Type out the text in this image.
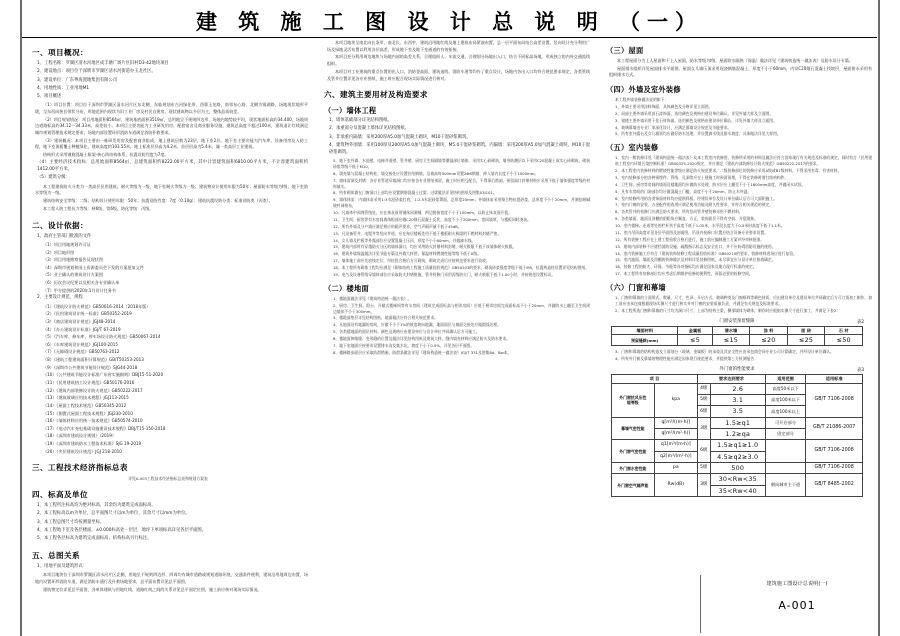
建 筑 施 工 图 设 计 总 说 明 （一）
一、项目概况：

1、工程名称：罗湖区清水河地区成丰塘广场片区旧村D3-42地块项目

2、建设地点：项目位于深圳市罗湖区清水河街道办玉龙社区。

3、建设单位：广东粤海置地集团有限公司

4、用地性质：工业用地M1

5、项目概述：

（1）项目位置：项目位于深圳市罗湖区清水河片区东北侧，东临规划布吉河绿化带，西靠玉龙路，南邻布心路，北侧为银湖路，场地现状地形平缓，呈东西向狭长带状分布，用地范围内现状为旧工业厂房及村民自建房，现状建筑物以多层为主，整体品质较差。

（2）项目规划情况：项目用地面积8564㎡，建筑基底面积3519㎡，总用地呈不规则四边形，场地内地势较平坦，现状地面标高约34.400，场地周边道路标高约34.12～34.33米，高差较小。本项目主要功能为工业研发用房、配套宿舍及商业服务设施，建筑总高度不超过100米，建筑退让红线满足城市规划管理技术规定要求，场地内部设置环形消防车道满足消防扑救要求。

（3）建筑概况：本项目主要由一栋研发用房及配套商业组成，地上建筑层数为23层，地下室2层。地下室主要功能为汽车库、设备用房及人防工程，地下室顶板覆土种植绿化，建筑高度约103.55米，地上标准层层高为4.2米，首层层高为5.4米，属一类高层工业建筑。

结构形式采用钢筋混凝土框架-核心筒结构体系，抗震设防烈度为7度。

（4）主要经济技术指标：总用地面积8564㎡，总建筑面积约8222.00平方米，其中计容建筑面积6810.00平方米，不计容建筑面积约1412.00平方米。

（5）建筑分级：

本工程建筑防火分类为一类高层民用建筑，耐火等级为一级，地下室耐火等级为一级；建筑物设计使用年限为50年；屋面防水等级为Ⅰ级；地下室防水等级为一级。

建筑结构安全等级：二级；结构设计使用年限：50年；抗震设防烈度：7度（0.10g）；建筑抗震设防分类：标准设防类（丙类）。

本工程人防工程抗力等级：核6级、常6级，防化等级：丙级。

二、设计依据：

1、政府主管部门批准的文件

（1）项目用地规划许可证

（2）项目地形图

（3）项目用地勘察报告及现状图

（4）深圳市规划和国土资源委员会下发的方案批复文件

（5）业主确认的建筑设计方案图

（6）历次会议纪要以及相关各专业确认单

（7）甲方提供的2020年1月设计任务书

2、主要设计规范、规程

（1）《建筑设计防火规范》GB50016-2014（2018年版）

（2）《民用建筑设计统一标准》GB50352-2019

（3）《商店建筑设计规范》JGJ48-2014

（4）《办公建筑设计标准》JGJ/T 67-2019

（5）《汽车库、修车库、停车场设计防火规范》GB50067-2014

（6）《车库建筑设计规范》JGJ100-2015

（7）《无障碍设计规范》GB50763-2012

（8）《建筑工程建筑面积计算规范》GB/T50353-2013

（9）《深圳市公共建筑节能设计规范》SJG44-2018

（10）《公共建筑节能设计标准广东省实施细则》DBJ15-51-2020

（11）《民用建筑热工设计规范》GB50176-2016

（12）《建筑内部装修设计防火规范》GB50222-2017

（13）《建筑玻璃应用技术规程》JGJ113-2015

（14）《屋面工程技术规范》GB50345-2012

（15）《倒置式屋面工程技术规程》JGJ230-2010

（16）《墙体材料应用统一技术规范》GB50574-2010

（17）《电动汽车充电基础设施建设技术规程》DBJ/T15-150-2018

（18）《深圳市建筑设计规则》（2019）

（19）《深圳市建筑防水工程技术标准》SJG 19-2019

（20）《夹层建筑设计规范》JGJ 218-2010

三、工程技术经济指标总表

详见A-003工程技术经济指标总表和规划方案表

四、标高及单位

1、本工程所注标高均为绝对标高，其余均为建筑完成面标高。

2、本工程标高以m为单位，总平面图尺寸以m为单位，其余尺寸以mm为单位。

3、本工程总图尺寸均按测量坐标。

4、本工程地下室及各层楼面，±0.000标高处一层层，地坪下单项标高详见各层平面图。

5、本工程各层标高为建筑完成面标高，结构标高另行标注。

五、总图关系

1、用地平面及建筑形式：

本项目地块位于深圳市罗湖区清水河片区北侧，用地呈不规则四边形，四周均有城市道路或规划道路环绕，交通条件便利，建筑沿用地周边布置，场地内设置环形消防车道，满足消防车通行及扑救场地要求，总平面布置详见总平面图。

建筑物定位详见总平面图，各单体建筑与用地红线、道路红线之间的关系详见总平面定位图，施工前应核对现场实际情况。

本项目地块呈南北向长条形，南北长、东西窄，建筑沿用地红线及地上建筑布局紧凑布置，总一层平面布局结合高差设置，竖向设计充分利用广场及绿地灵活布置以利用各层高差，形成地下室及地下室通道的有效衔接。

本项目充分利用周边地块与场地内部的高差关系，合理组织人、车流交通，合理划分场地出入口，结合不同标高场地，形成独立的内外交通流线组织。

本项目对工业建筑的重点位置的出入口、消防登高面、建筑退线、消防车道等均作了重点设计，场地内各出入口均符合规范要求规定，各类管线及管井位置详见各专业图纸，施工时应配合现场实际情况进行核对。

六、建筑主要用材及构造要求
（一）墙体工程

1、墙体基础部分详见结构图纸。

2、承重部分及混凝土墙体详见结构图纸。

3、非承重内隔墙：采用200厚A5.0加气混凝土砌块，M10干混砂浆砌筑。

4、建筑物外围墙：采用100厚及200厚A5.0加气混凝土砌块，M5.0干混砂浆砌筑。内隔墙：采用200厚A5.0加气混凝土砌块，M10干混砂浆砌筑。

5、地下室外墙、水池壁、电梯井道壁、管井壁、厨房卫生间隔墙等潮湿部位墙体，采用实心砖砌筑，墙身防潮层以下采用C20混凝土或实心砖砌筑，砌筑砂浆等级不低于M10。

6、填充墙与混凝土结构柱、墙交接处应设置拉结钢筋，沿墙高每500mm设置2Φ6钢筋，伸入墙内长度不小于1000mm。

7、墙体留洞及封堵：各专业管道穿墙洞口均应按各专业图纸预留，施工时应相互配合，不得事后凿洞。预留洞口封堵材料应采用不低于墙体强度等级的材料填实。

8、所有砌体墙在门窗洞口上部均应设置钢筋混凝土过梁，过梁做法详见结构图纸及图集03J101。

9、墙体抹灰：内墙抹灰采用1:3水泥砂浆打底，1:2.5水泥砂浆罩面，总厚度20mm；外墙抹灰采用聚合物抗裂砂浆，总厚度不小于20mm，并满挂耐碱玻纤网格布。

10、凡墙体中预埋管线处，应在抹灰前用钢丝网满铺，两边搭接宽度不小于100mm，以防止抹灰面开裂。

11、卫生间、厨房等有水房间墙体根部应做C20细石混凝土反坎，高度不小于200mm，宽同墙厚，与楼板同时浇筑。

12、所有外墙及分户墙应满足相应的隔声要求，空气声隔声量不低于45dB。

13、凡设备管井、电缆井等竖向井道，应在每层楼板处用不低于楼板耐火极限的不燃材料封堵严密。

14、女儿墙及栏板等外露部位应设置混凝土压顶，厚度不小于60mm，并做滴水线。

15、建筑内部所有穿越防火分区的墙体洞口，均应采用防火封堵材料封堵，耐火极限不低于该墙体耐火极限。

16、建筑外墙保温做法详见节能专篇及外墙大样图，保温材料燃烧性能等级不低于A级。

17、墙体施工前应先放线定位，经检验合格后方可砌筑，砌筑完成后应按规范要求进行验收。

18、本工程所有砌体工程均应满足《砌体结构工程施工质量验收规范》GB50203的要求，砌筑砂浆强度等级不低于M5，抗震构造柱设置详见结构图纸。

19、电气及设备管线穿墙体部位应采取防火封堵措施，管井检修门采用丙级防火门，耐火极限不低于1.00小时，并按规范设置标识。

（二）楼地面

1、楼地面做法详见《建筑构造统一做法表》。

2、厨房、卫生间、阳台、开敞式楼梯间等有水房间（建筑完成面标高与相邻房间）应低于相邻房间完成面标高不小于20mm，并做防水上翻至卫生间周边墙体不小于300mm。

3、楼地面垫层详见结构图纸，地面做法应符合相关规范要求。

4、凡地面设有地漏的房间，应做不小于1%的坡度坡向地漏，地面面层与墙面交接处应做圆弧处理。

5、各类楼地面的面层材料、颜色及规格应由建设单位与设计单位共同确认后方可施工。

6、楼地面伸缩缝、变形缝的位置及做法详见结构图纸及建筑大样，缝内填充材料应满足防火及防水要求。

7、地下室地面应按要求设置排水沟及集水坑，坡度不小于0.5%，详见各层平面图。

8、楼梯踏步面层应采取防滑措施，防滑条做法详见《建筑构造统一做法表》JGJ/T 331及图集8d、Bw本。

（三）屋面

本工程屋面分为上人屋面和不上人屋面，防水等级为Ⅰ级，屋面防水隔热（保温）做法详见《建筑构造统一做法表》及防水设计专篇。

屋面排水组织详见屋面排水平面图，屋面女儿墙压顶采用现浇钢筋混凝土，厚度不小于60mm，内设C20细石混凝土找坡层，屋面排水采用有组织排水方式。

（四）外墙及室外装修

本工程外墙装修做法说明如下：

1、外墙主要采用涂料饰面，具体颜色及分格详见立面图。

2、局部主要外墙采用真石漆饰面，选用颜色及规格由建设单位确认，详见外墙大样及立面图。

3、裙楼主要外墙采用干挂石材饰面，选用颜色及规格由建设单位确认，详见外墙大样及立面图。

4、玻璃幕墙由专业厂家深化设计，应满足幕墙设计规范及节能要求。

5、所有室外露台及女儿墙顶均应做好防水处理，并设置滴水线及排水坡度，具体做法详见大样图。

（五）室内装修

1、室内一般装修详见《建筑构造统一做法表》及本工程室内装修图，装修所采用的材料及做法应符合国家现行有关规范及标准的规定，同时符合《民用建筑工程室内环境污染控制标准》GB50325-2020规定，并应满足《建筑内部装修设计防火规范》GB50222-2017的要求。

2、本工程室内装修材料的燃烧性能等级应满足防火规范要求，二级装修部位的装修应采用A级或B1级材料，不得采用有毒、有害材料。

3、室内装修部分的各种预埋件、管线、孔洞等应在土建施工时预留预埋，不得在装修时凿打结构构件。

4、卫生间、厨房等房间的墙面及楼地面均应做防水处理，防水层应上翻至不小于1800mm高度，并做闭水试验。

5、凡有水房间的门洞部位均应做混凝土门槛，高度不小于20mm，防止水外溢。

6、室内装修所用的各类饰面材料均应提供样板，经建设单位及设计单位确认后方可大面积施工。

7、室内门窗的安装、五金配件的选用应满足使用功能及耐久性要求，并符合相关规范的规定。

8、各类管井的检修门应满足防火要求，所有竖向管井壁装修采用不燃材料。

9、各类墙面、地面及顶棚的阴阳角应顺直、方正，装饰面层不得有空鼓、开裂现象。

10、室内楼梯、走道等处的栏杆扶手高度不低于1.05米，水平段长度大于0.5米时高度不低于1.1米。

11、室内吊顶高度详见各层平面图及剖面图，吊顶内检修口位置应结合设备专业要求设置。

12、所有装修工程应在土建工程验收合格后进行，施工前应编制施工方案并经审核批准。

13、建筑内部装修不应遮挡消防设施、疏散指示标志及安全出口，并不应妨碍消防设施的使用。

14、室内装修施工应符合《建筑装饰装修工程质量验收标准》GB50210的要求，装修材料进场应进行复验。

15、室内地面、墙面及顶棚的装修做法及材料详见装修图纸，未尽事宜应与设计单位协商确定。

16、装修工程的防火、环保、节能等各项指标均应满足国家及地方现行标准的规定。

17、本工程所有装修部位均应考虑后期维护检修的便利性，预留必要的检修空间。

（六）门窗和幕墙

1、门窗和幕墙的立面形式、数量、尺寸、色泽、开启方式、玻璃种类及门窗框料等颜色材质，应由建设单位及建设单位共同确定后方可订货加工制作，加工前应由承包商根据现场实测尺寸进行核实并对门窗的安装质量负责，并满足有关规范及标准要求。

2、本工程所选门窗和幕墙的尺寸均为洞口尺寸，上部为结构主梁，侧部墙体为砌体，制作时应根据实测尺寸进行加工，并满足下表2：

门窗安装预留缝隙	表2
墙面材料	金属板	清水墙	涂 料	面 砖	石 材
预留缝隙(mm)	≤5	≤15	≤20	≤25	≤50

3、门窗和幕墙的结构构造及立面划分（玻璃、金属板）的承重及其安全性应由承包商会同专业公司计算确定，并经设计单位确认。

4、所有外门窗及幕墙的物理性能应满足国家现行规范要求，并提供第三方检测报告：

外门窗的性能要求	表3
项 目		要求达到要求		适用范围	适用标准
外门窗抗风压性
能等级	kpa	4级	2.6	高度50米以下	GB/T 7106-2008
		5级	3.1	高度100米以下	
		6级	3.5	高度100米以上	
幕墙气密性能	q[m³/((m·h)]	3级	1.5≥q1	可开启部分	GB/T 21086-2007
	q[m³/(m²·h)]		1.2≥qa	固定部分	
外门窗气密性能	q1[m³/(m·h)]	6级	1.5≥q1≥1.0		GB/T 7106-2008
	q2[m³/(m²·h)]		4.5≥q2≥3.0		
外门窗水密性能	pa	5级	500		GB/T 7106-2008
外门窗空气隔声能	Rw(dB)	3级	30<Rw<35	朝向城市主干道	GB/T 8485-2002
			35<Rw<40		
建筑施工图设计总说明(一)
A-001
